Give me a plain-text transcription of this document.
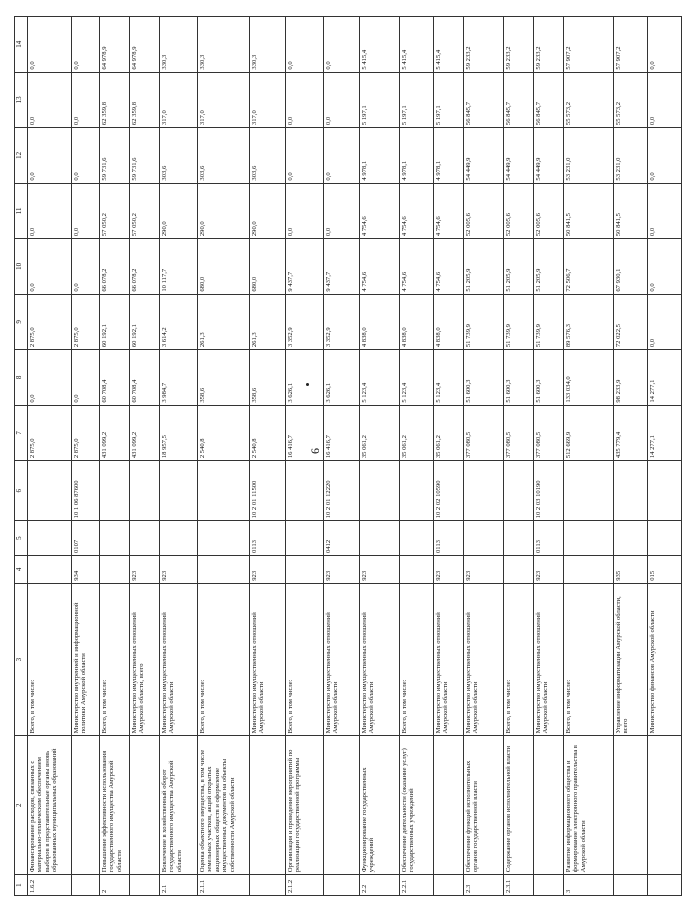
6
1	2	3	4	5	6	7	8	9	10	11	12	13	14
1.6.2	Финансирование расходов, связанных с материально-техническим обеспечением выборов в представительные органы вновь образованных муниципальных образований	Всего, в том числе:				2 875,0	0,0	2 875,0	0,0	0,0	0,0	0,0	0,0
		Министерство внутренней и информационной политики Амурской области	934	0107	10 1 06 87600	2 875,0	0,0	2 875,0	0,0	0,0	0,0	0,0	0,0
2	Повышение эффективности использования государственного имущества Амурской области	Всего, в том числе:				431 099,2	60 708,4	60 192,1	66 078,2	57 050,2	59 731,6	62 359,8	64 978,9
		Министерство имущественных отношений Амурской области, всего	923			431 099,2	60 708,4	60 192,1	66 078,2	57 050,2	59 731,6	62 359,8	64 978,9
2.1	Вовлечение в хозяйственный оборот государственного имущества Амурской области	Министерство имущественных отношений Амурской области	923			18 957,5	3 984,7	3 614,2	10 117,7	290,0	303,6	317,0	330,3
2.1.1	Оценка объектного имущества, в том числе земельных участков, акций открытых акционерных обществ и оформление имущественных документов на объекты собственности Амурской области	Всего, в том числе:				2 540,8	358,6	261,3	680,0	290,0	303,6	317,0	330,3
		Министерство имущественных отношений Амурской области	923	0113	10 2 01 11500	2 540,8	358,6	261,3	680,0	290,0	303,6	317,0	330,3
2.1.2	Организация и проведение мероприятий по реализации государственной программы	Всего, в том числе:				16 416,7	3 626,1	3 352,9	9 437,7	0,0	0,0	0,0	0,0
		Министерство имущественных отношений Амурской области	923	0412	10 2 01 12220	16 416,7	3 626,1	3 352,9	9 437,7	0,0	0,0	0,0	0,0
2.2	Функционирование государственных учреждений	Министерство имущественных отношений Амурской области	923			35 061,2	5 123,4	4 838,0	4 754,6	4 754,6	4 978,1	5 197,1	5 415,4
2.2.1	Обеспечение деятельности (оказание услуг) государственных учреждений	Всего, в том числе:				35 061,2	5 123,4	4 838,0	4 754,6	4 754,6	4 978,1	5 197,1	5 415,4
		Министерство имущественных отношений Амурской области	923	0113	10 2 02 10590	35 061,2	5 123,4	4 838,0	4 754,6	4 754,6	4 978,1	5 197,1	5 415,4
2.3	Обеспечение функций исполнительных органов государственной власти	Министерство имущественных отношений Амурской области	923			377 080,5	51 600,3	51 739,9	51 205,9	52 005,6	54 449,9	56 845,7	59 233,2
2.3.1	Содержание органов исполнительной власти	Всего, в том числе:				377 080,5	51 600,3	51 739,9	51 205,9	52 005,6	54 449,9	56 845,7	59 233,2
		Министерство имущественных отношений Амурской области	923	0113	10 2 03 10190	377 080,5	51 600,3	51 739,9	51 205,9	52 005,6	54 449,9	56 845,7	59 233,2
3	Развитие информационного общества и формирование электронного правительства в Амурской области	Всего, в том числе:				512 669,9	133 034,0	89 576,3	72 506,7	50 841,5	53 231,0	55 573,2	57 907,2
		Управление информатизации Амурской области, всего	935			435 779,4	98 233,9	72 022,5	67 930,1	50 841,5	53 231,0	55 573,2	57 907,2
		Министерство финансов Амурской области	015			14 277,1	14 277,1	0,0	0,0	0,0	0,0	0,0	0,0
